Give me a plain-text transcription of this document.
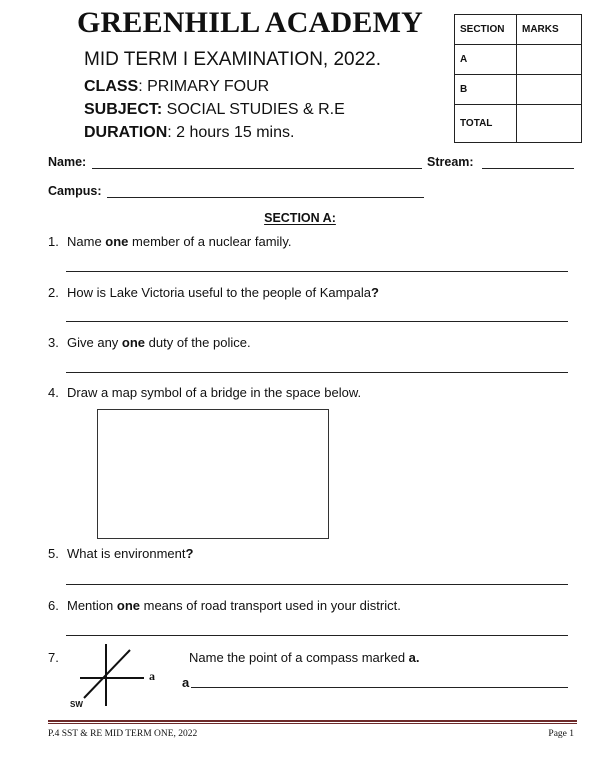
GREENHILL ACADEMY
MID TERM I EXAMINATION, 2022.
CLASS: PRIMARY FOUR
SUBJECT: SOCIAL STUDIES & R.E
DURATION: 2 hours 15 mins.
SECTION	MARKS
A	
B	
TOTAL	
Name:	Stream:
Campus:
SECTION A:
1. Name one member of a nuclear family.
2. How is Lake Victoria useful to the people of Kampala?
3. Give any one duty of the police.
4. Draw a map symbol of a bridge in the space below.
5. What is environment?
6. Mention one means of road transport used in your district.
7.
SW
a
Name the point of a compass marked a.
a
P.4 SST & RE MID TERM ONE, 2022	Page 1
